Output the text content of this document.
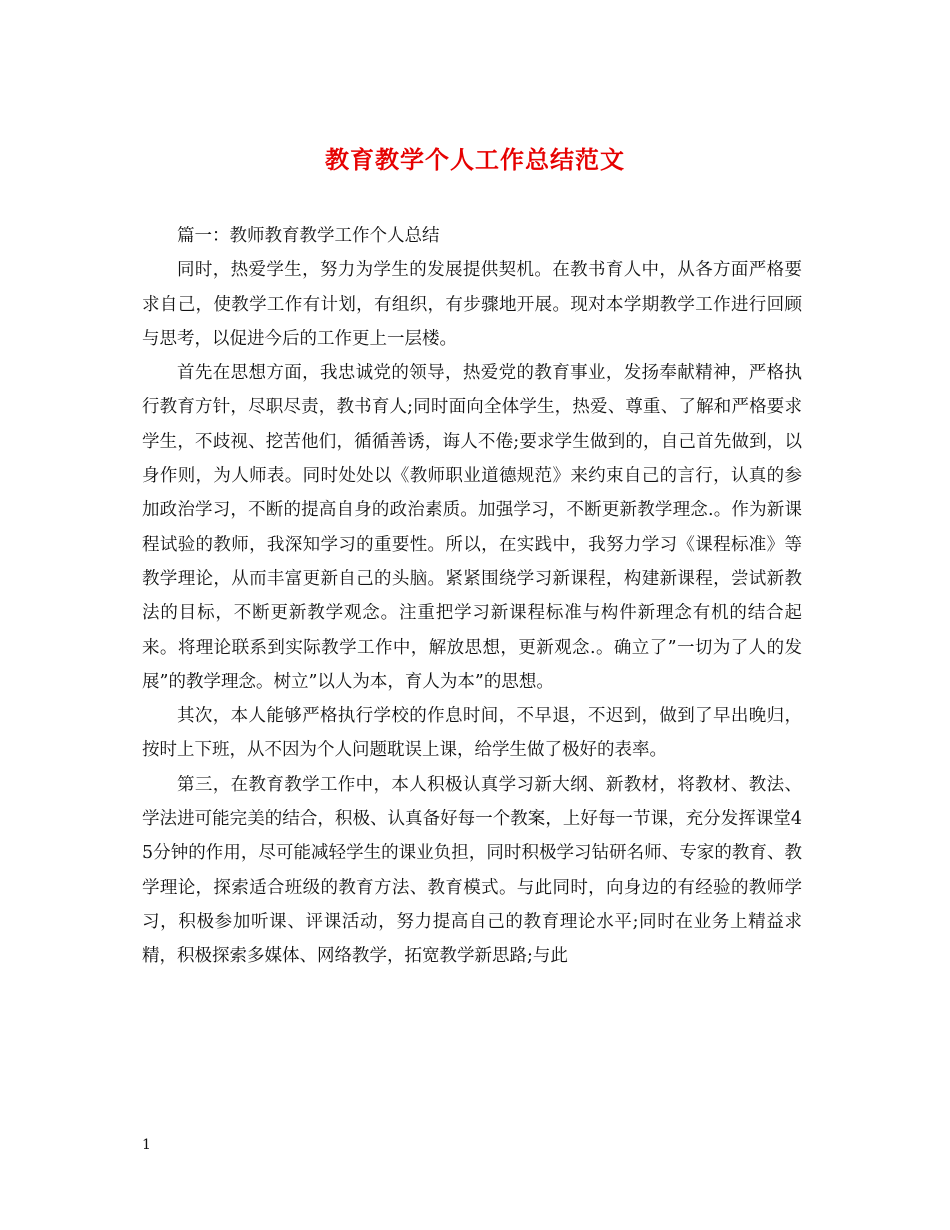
教育教学个人工作总结范文

篇一：教师教育教学工作个人总结

同时，热爱学生，努力为学生的发展提供契机。在教书育人中，从各方面严格要求自己，使教学工作有计划，有组织，有步骤地开展。现对本学期教学工作进行回顾与思考，以促进今后的工作更上一层楼。

首先在思想方面，我忠诚党的领导，热爱党的教育事业，发扬奉献精神，严格执行教育方针，尽职尽责，教书育人;同时面向全体学生，热爱、尊重、了解和严格要求学生，不歧视、挖苦他们，循循善诱，诲人不倦;要求学生做到的，自己首先做到，以身作则，为人师表。同时处处以《教师职业道德规范》来约束自己的言行，认真的参加政治学习，不断的提高自身的政治素质。加强学习，不断更新教学理念.。作为新课程试验的教师，我深知学习的重要性。所以，在实践中，我努力学习《课程标准》等教学理论，从而丰富更新自己的头脑。紧紧围绕学习新课程，构建新课程，尝试新教法的目标，不断更新教学观念。注重把学习新课程标准与构件新理念有机的结合起来。将理论联系到实际教学工作中，解放思想，更新观念.。确立了”一切为了人的发展”的教学理念。树立”以人为本，育人为本”的思想。

其次，本人能够严格执行学校的作息时间，不早退，不迟到，做到了早出晚归，按时上下班，从不因为个人问题耽误上课，给学生做了极好的表率。

第三，在教育教学工作中，本人积极认真学习新大纲、新教材，将教材、教法、学法进可能完美的结合，积极、认真备好每一个教案，上好每一节课，充分发挥课堂45分钟的作用，尽可能减轻学生的课业负担，同时积极学习钻研名师、专家的教育、教学理论，探索适合班级的教育方法、教育模式。与此同时，向身边的有经验的教师学习，积极参加听课、评课活动，努力提高自己的教育理论水平;同时在业务上精益求精，积极探索多媒体、网络教学，拓宽教学新思路;与此

1
